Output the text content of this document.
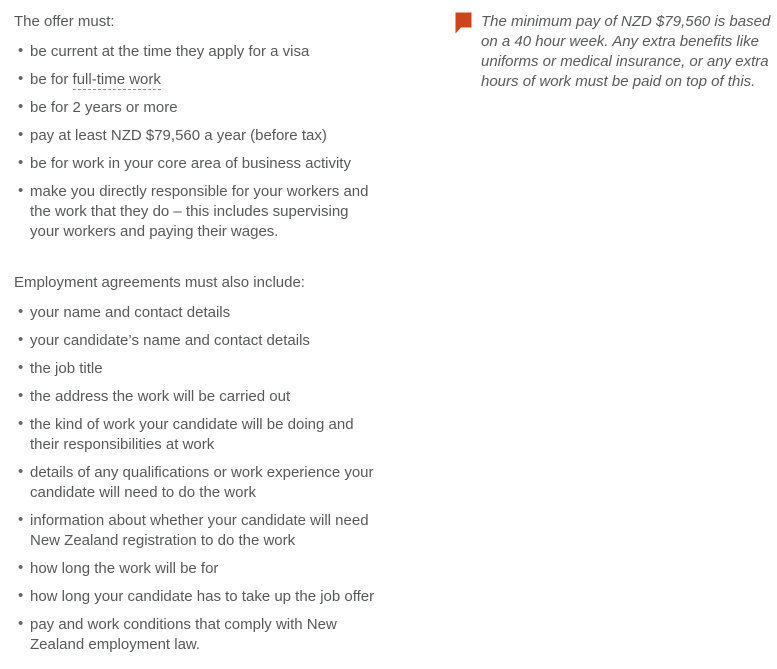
The offer must:

• be current at the time they apply for a visa
• be for full-time work
• be for 2 years or more
• pay at least NZD $79,560 a year (before tax)
• be for work in your core area of business activity
• make you directly responsible for your workers and the work that they do – this includes supervising your workers and paying their wages.

Employment agreements must also include:

• your name and contact details
• your candidate’s name and contact details
• the job title
• the address the work will be carried out
• the kind of work your candidate will be doing and their responsibilities at work
• details of any qualifications or work experience your candidate will need to do the work
• information about whether your candidate will need New Zealand registration to do the work
• how long the work will be for
• how long your candidate has to take up the job offer
• pay and work conditions that comply with New Zealand employment law.

The minimum pay of NZD $79,560 is based on a 40 hour week. Any extra benefits like uniforms or medical insurance, or any extra hours of work must be paid on top of this.
